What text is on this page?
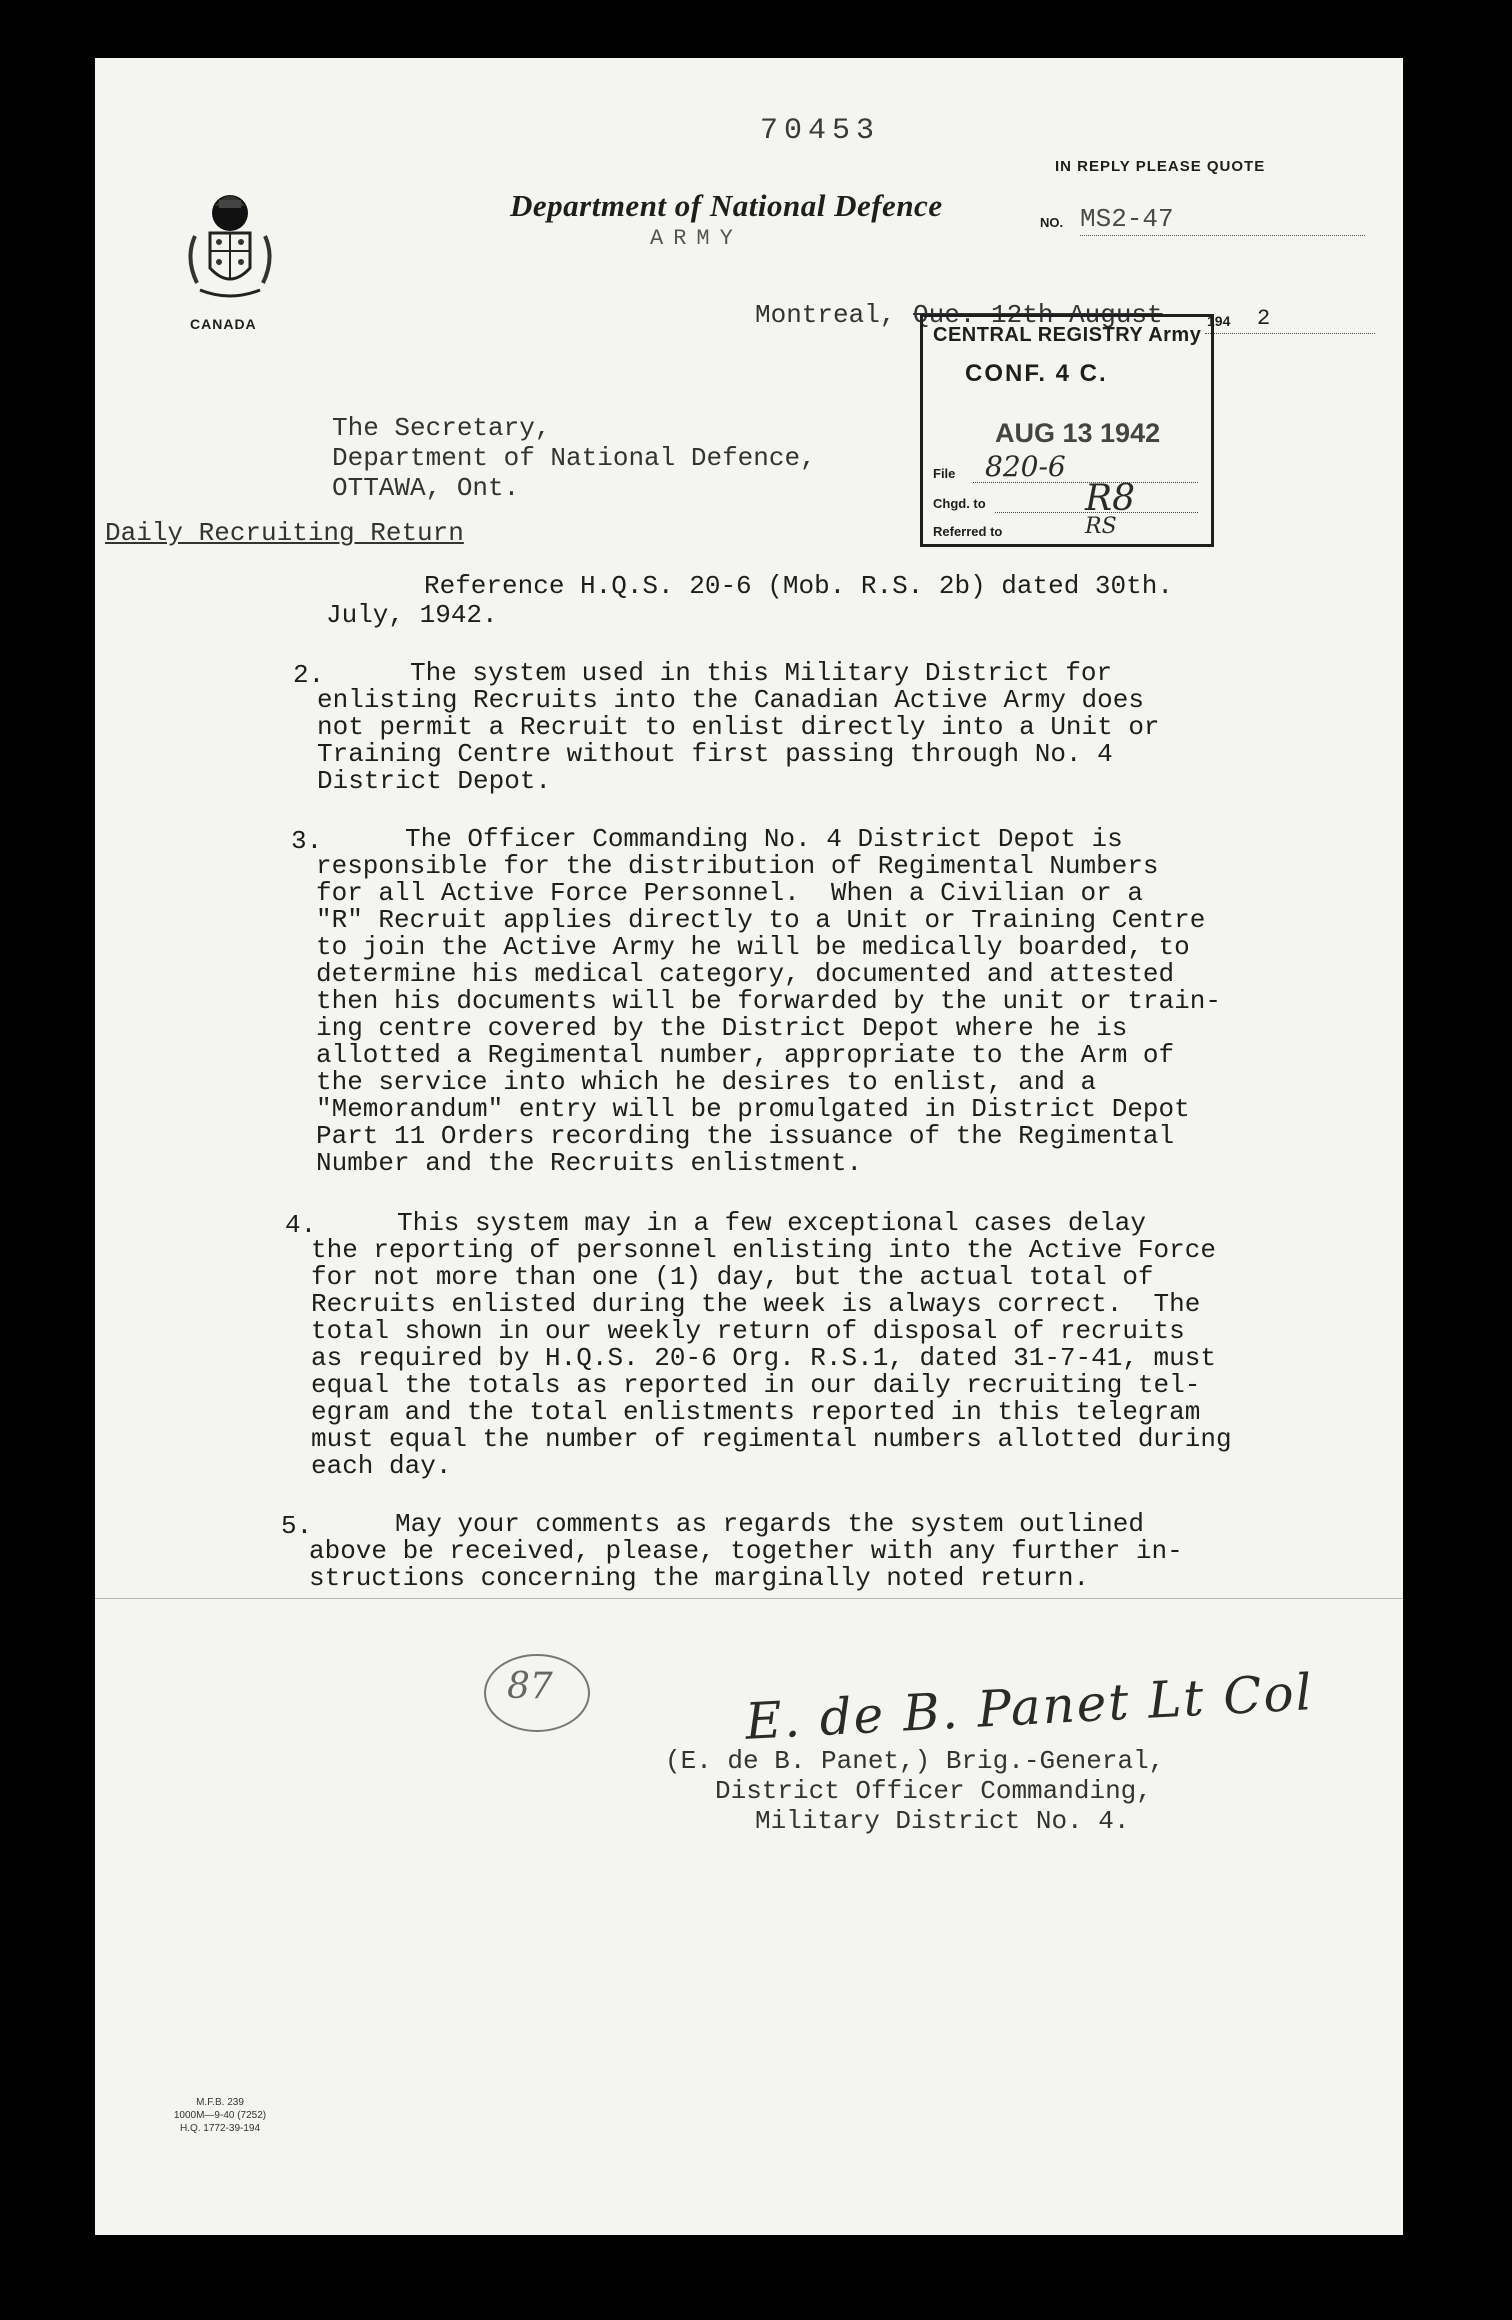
70453
IN REPLY PLEASE QUOTE
CANADA
Department of National Defence
ARMY
NO. MS2-47
Montreal, Que. 12th August	194 2
CENTRAL REGISTRY Army
CONF. 4 C.
AUG 13 1942
File 820-6
Chgd. to	R8
Referred to	RS
The Secretary,
Department of National Defence,
OTTAWA, Ont.
Daily Recruiting Return
Reference H.Q.S. 20-6 (Mob. R.S. 2b) dated 30th.
July, 1942.
2.	The system used in this Military District for
enlisting Recruits into the Canadian Active Army does
not permit a Recruit to enlist directly into a Unit or
Training Centre without first passing through No. 4
District Depot.
3.	The Officer Commanding No. 4 District Depot is
responsible for the distribution of Regimental Numbers
for all Active Force Personnel.  When a Civilian or a
"R" Recruit applies directly to a Unit or Training Centre
to join the Active Army he will be medically boarded, to
determine his medical category, documented and attested
then his documents will be forwarded by the unit or train-
ing centre covered by the District Depot where he is
allotted a Regimental number, appropriate to the Arm of
the service into which he desires to enlist, and a
"Memorandum" entry will be promulgated in District Depot
Part 11 Orders recording the issuance of the Regimental
Number and the Recruits enlistment.
4.	This system may in a few exceptional cases delay
the reporting of personnel enlisting into the Active Force
for not more than one (1) day, but the actual total of
Recruits enlisted during the week is always correct.  The
total shown in our weekly return of disposal of recruits
as required by H.Q.S. 20-6 Org. R.S.1, dated 31-7-41, must
equal the totals as reported in our daily recruiting tel-
egram and the total enlistments reported in this telegram
must equal the number of regimental numbers allotted during
each day.
5.	May your comments as regards the system outlined
above be received, please, together with any further in-
structions concerning the marginally noted return.
87	E. de B. Panet Lt Col
(E. de B. Panet,) Brig.-General,
District Officer Commanding,
Military District No. 4.
M.F.B. 239
1000M—9-40 (7252)
H.Q. 1772-39-194
